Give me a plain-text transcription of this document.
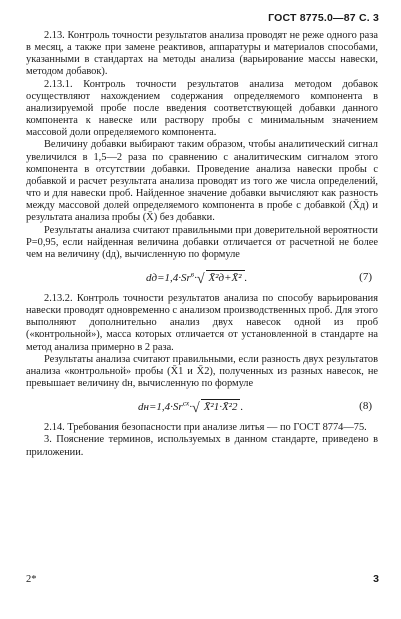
ГОСТ 8775.0—87 С. 3

2.13. Контроль точности результатов анализа проводят не реже одного раза в месяц, а также при замене реактивов, аппаратуры и материалов способами, указанными в стандартах на методы анализа (варьирование массы навески, методом добавок).

2.13.1. Контроль точности результатов анализа методом добавок осуществляют нахождением содержания определяемого компонента в анализируемой пробе после введения соответствующей добавки данного компонента к навеске или раствору пробы с минимальным значением массовой доли определяемого компонента.

Величину добавки выбирают таким образом, чтобы аналитический сигнал увеличился в 1,5—2 раза по сравнению с аналитическим сигналом этого компонента в отсутствии добавки. Проведение анализа навески пробы с добавкой и расчет результата анализа проводят из того же числа определений, что и для навески проб. Найденное значение добавки вычисляют как разность между массовой долей определяемого компонента в пробе с добавкой (X̄д) и результата анализа пробы (X̄) без добавки.

Результаты анализа считают правильными при доверительной вероятности P=0,95, если найденная величина добавки отличается от расчетной не более чем на величину (dд), вычисленную по формуле

$dд=1,4\cdot Sr^в\cdot√$ X̄²д+X̄² .	(7)

2.13.2. Контроль точности результатов анализа по способу варьирования навески проводят одновременно с анализом производственных проб. Для этого выполняют дополнительно анализ двух навесок одной из проб («контрольной»), масса которых отличается от установленной в стандарте на метод анализа примерно в 2 раза.

Результаты анализа считают правильными, если разность двух результатов анализа «контрольной» пробы (X̄1 и X̄2), полученных из разных навесок, не превышает величину dн, вычисленную по формуле

$dн=1,4\cdot Sr^{сх}\cdot√$ X̄²1·X̄²2 .	(8)

2.14. Требования безопасности при анализе литья — по ГОСТ 8774—75.

3. Пояснение терминов, используемых в данном стандарте, приведено в приложении.

2*	3
